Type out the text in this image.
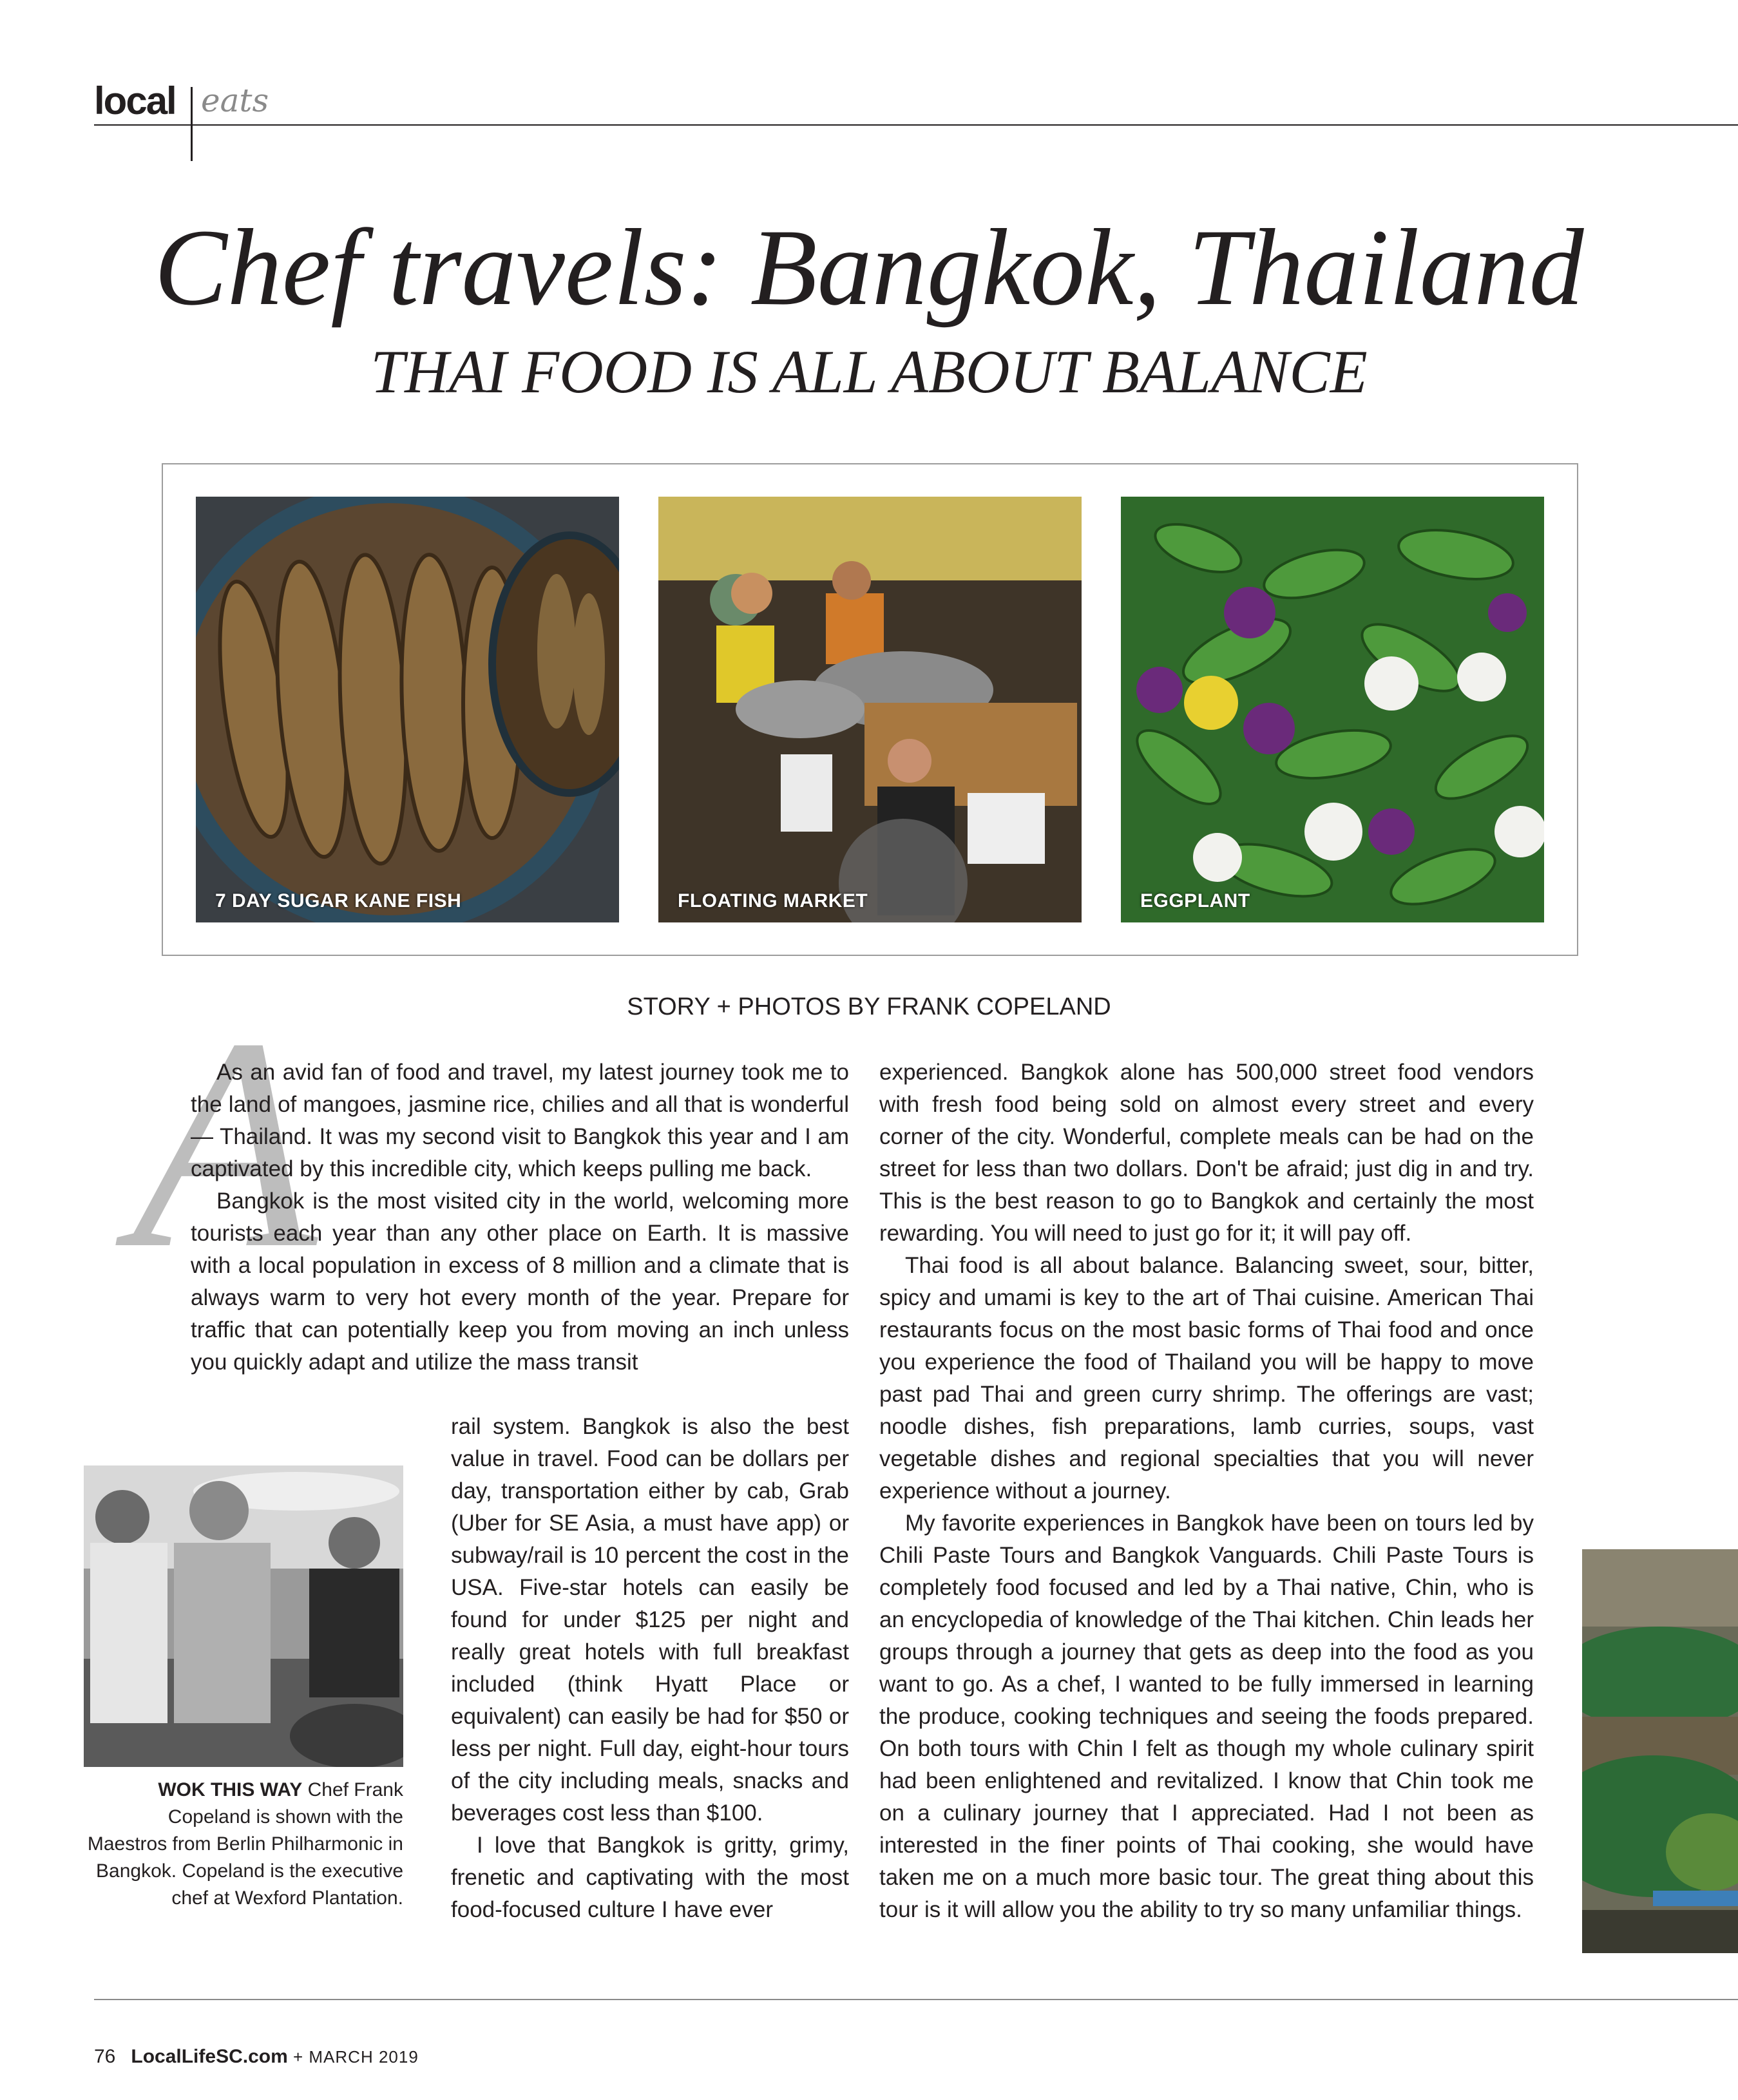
local eats
Chef travels: Bangkok, Thailand
THAI FOOD IS ALL ABOUT BALANCE
7 DAY SUGAR KANE FISH	FLOATING MARKET	EGGPLANT
STORY + PHOTOS BY FRANK COPELAND
A

As an avid fan of food and travel, my latest journey took me to the land of mangoes, jasmine rice, chilies and all that is wonderful — Thailand. It was my second visit to Bangkok this year and I am captivated by this incredible city, which keeps pulling me back.

Bangkok is the most visited city in the world, welcoming more tourists each year than any other place on Earth. It is massive with a local population in excess of 8 million and a climate that is always warm to very hot every month of the year. Prepare for traffic that can potentially keep you from moving an inch unless you quickly adapt and utilize the mass transit

rail system. Bangkok is also the best value in travel. Food can be dollars per day, transportation either by cab, Grab (Uber for SE Asia, a must have app) or subway/rail is 10 percent the cost in the USA. Five-star hotels can easily be found for under $125 per night and really great hotels with full breakfast included (think Hyatt Place or equivalent) can easily be had for $50 or less per night. Full day, eight-hour tours of the city including meals, snacks and beverages cost less than $100.

I love that Bangkok is gritty, grimy, frenetic and captivating with the most food-focused culture I have ever

experienced. Bangkok alone has 500,000 street food vendors with fresh food being sold on almost every street and every corner of the city. Wonderful, complete meals can be had on the street for less than two dollars. Don't be afraid; just dig in and try. This is the best reason to go to Bangkok and certainly the most rewarding. You will need to just go for it; it will pay off.

Thai food is all about balance. Balancing sweet, sour, bitter, spicy and umami is key to the art of Thai cuisine. American Thai restaurants focus on the most basic forms of Thai food and once you experience the food of Thailand you will be happy to move past pad Thai and green curry shrimp. The offerings are vast; noodle dishes, fish preparations, lamb curries, soups, vast vegetable dishes and regional specialties that you will never experience without a journey.

My favorite experiences in Bangkok have been on tours led by Chili Paste Tours and Bangkok Vanguards. Chili Paste Tours is completely food focused and led by a Thai native, Chin, who is an encyclopedia of knowledge of the Thai kitchen. Chin leads her groups through a journey that gets as deep into the food as you want to go. As a chef, I wanted to be fully immersed in learning the produce, cooking techniques and seeing the foods prepared. On both tours with Chin I felt as though my whole culinary spirit had been enlightened and revitalized. I know that Chin took me on a culinary journey that I appreciated. Had I not been as interested in the finer points of Thai cooking, she would have taken me on a much more basic tour. The great thing about this tour is it will allow you the ability to try so many unfamiliar things.

WOK THIS WAY Chef Frank Copeland is shown with the Maestros from Berlin Philharmonic in Bangkok. Copeland is the executive chef at Wexford Plantation.
76 LocalLifeSC.com + MARCH 2019
